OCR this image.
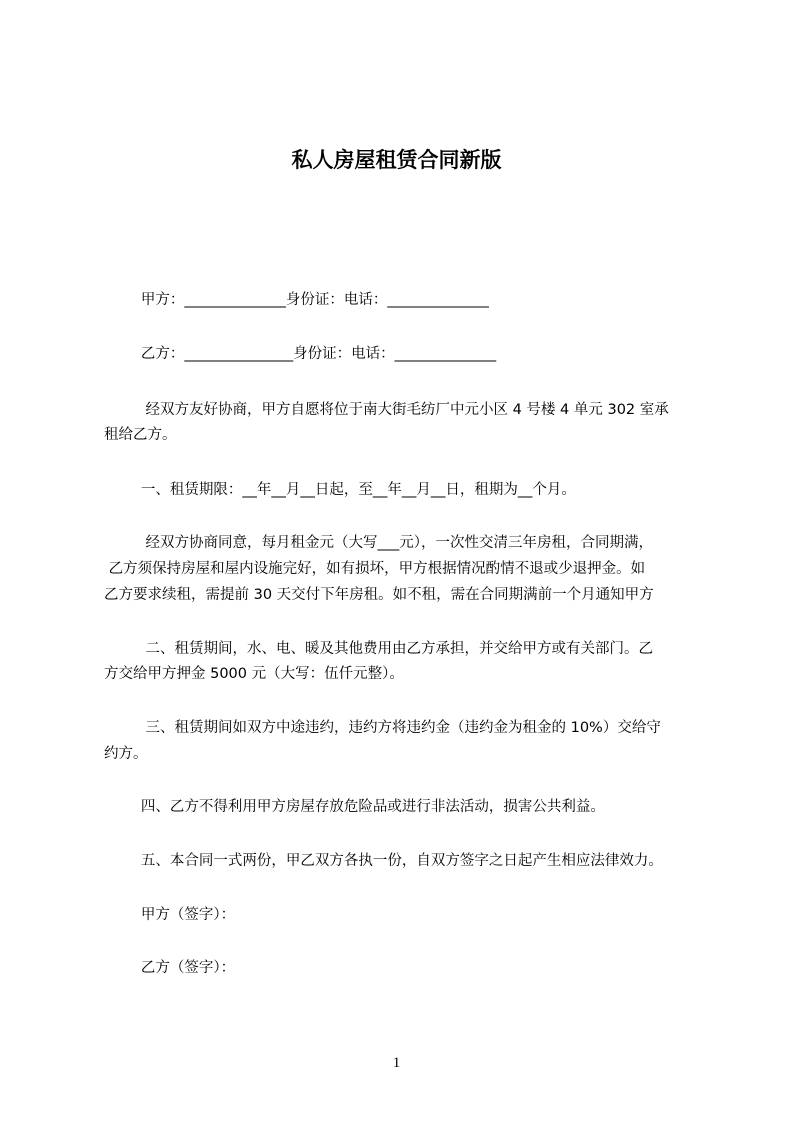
私人房屋租赁合同新版
甲方：______________身份证：电话：______________
乙方：_______________身份证：电话：______________
经双方友好协商，甲方自愿将位于南大街毛纺厂中元小区 4 号楼 4 单元 302 室承
租给乙方。
一、租赁期限：__年__月__日起，至__年__月__日，租期为__个月。
经双方协商同意，每月租金元（大写___元），一次性交清三年房租，合同期满，
乙方须保持房屋和屋内设施完好，如有损坏，甲方根据情况酌情不退或少退押金。如
乙方要求续租，需提前 30 天交付下年房租。如不租，需在合同期满前一个月通知甲方
二、租赁期间，水、电、暖及其他费用由乙方承担，并交给甲方或有关部门。乙
方交给甲方押金 5000 元（大写：伍仟元整）。
三、租赁期间如双方中途违约，违约方将违约金（违约金为租金的 10%）交给守
约方。
四、乙方不得利用甲方房屋存放危险品或进行非法活动，损害公共利益。
五、本合同一式两份，甲乙双方各执一份，自双方签字之日起产生相应法律效力。
甲方（签字）：
乙方（签字）：
1
